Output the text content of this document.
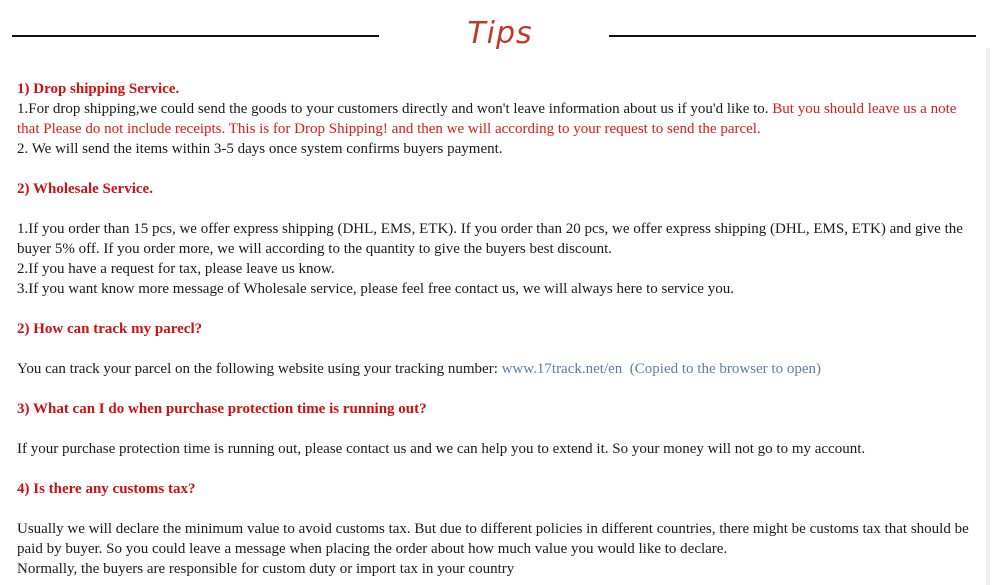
Tips

1) Drop shipping Service.

1.For drop shipping,we could send the goods to your customers directly and won't leave information about us if you'd like to. But you should leave us a note that Please do not include receipts. This is for Drop Shipping! and then we will according to your request to send the parcel.

2. We will send the items within 3-5 days once system confirms buyers payment.

2) Wholesale Service.

1.If you order than 15 pcs, we offer express shipping (DHL, EMS, ETK). If you order than 20 pcs, we offer express shipping (DHL, EMS, ETK) and give the buyer 5% off. If you order more, we will according to the quantity to give the buyers best discount.

2.If you have a request for tax, please leave us know.

3.If you want know more message of Wholesale service, please feel free contact us, we will always here to service you.

2) How can track my parecl?

You can track your parcel on the following website using your tracking number: www.17track.net/en  (Copied to the browser to open)

3) What can I do when purchase protection time is running out?

If your purchase protection time is running out, please contact us and we can help you to extend it. So your money will not go to my account.

4) Is there any customs tax?

Usually we will declare the minimum value to avoid customs tax. But due to different policies in different countries, there might be customs tax that should be paid by buyer. So you could leave a message when placing the order about how much value you would like to declare.

Normally, the buyers are responsible for custom duty or import tax in your country
